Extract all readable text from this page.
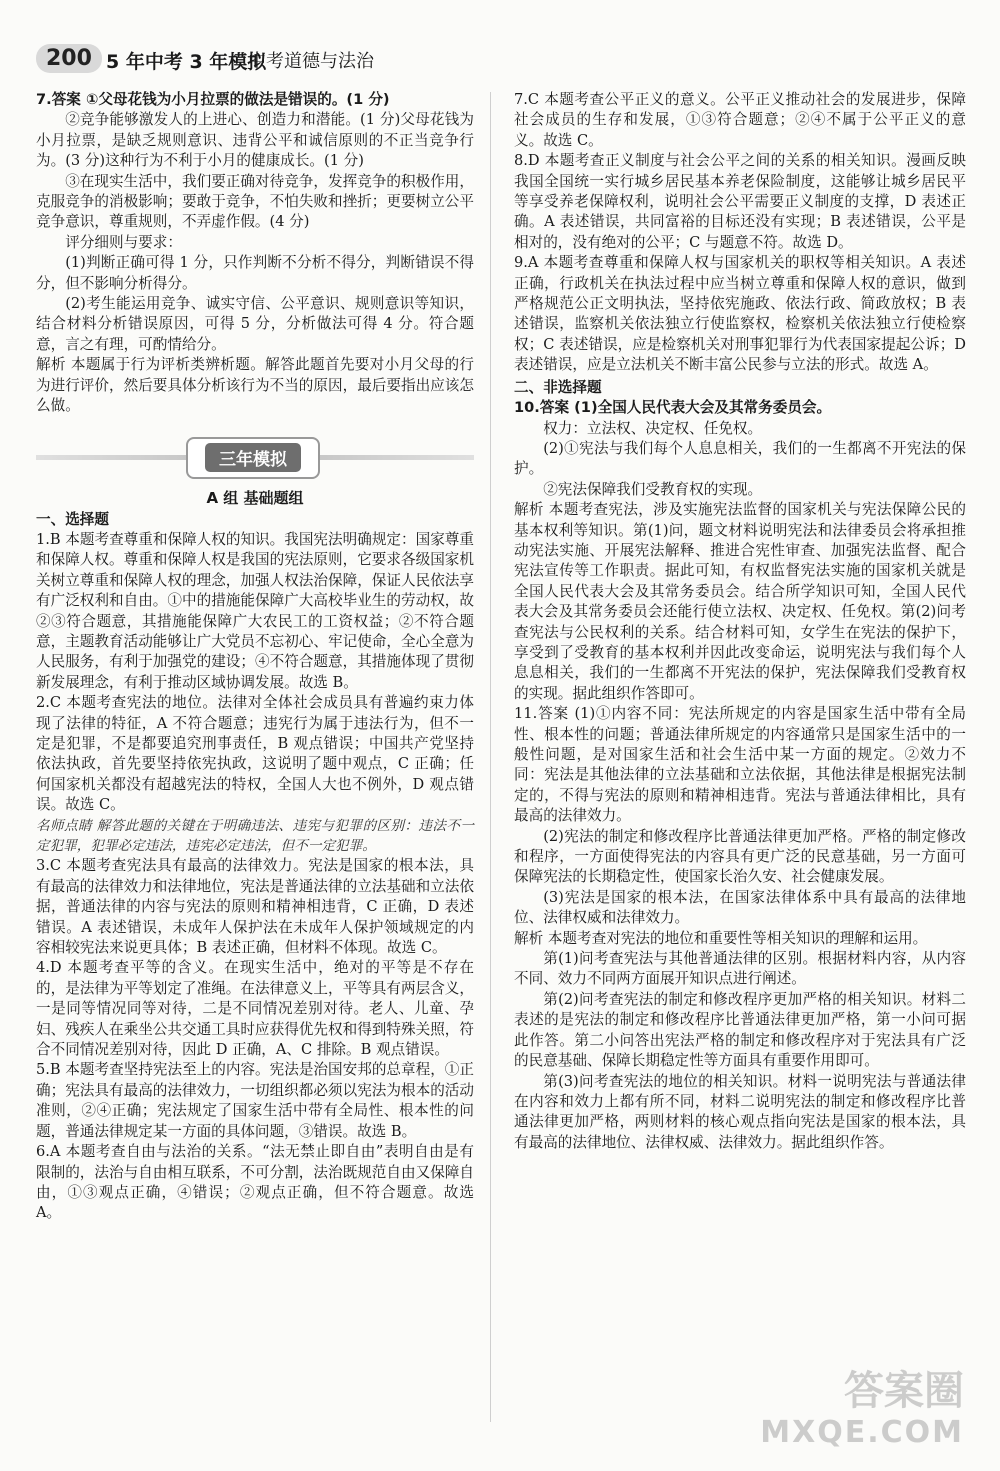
200 5 年中考 3 年模拟
中考道德与法治

7.答案 ①父母花钱为小月拉票的做法是错误的。(1 分)

②竞争能够激发人的上进心、创造力和潜能。(1 分)父母花钱为小月拉票，是缺乏规则意识、违背公平和诚信原则的不正当竞争行为。(3 分)这种行为不利于小月的健康成长。(1 分)

③在现实生活中，我们要正确对待竞争，发挥竞争的积极作用，克服竞争的消极影响；要敢于竞争，不怕失败和挫折；更要树立公平竞争意识，尊重规则，不弄虚作假。(4 分)

评分细则与要求：

(1)判断正确可得 1 分，只作判断不分析不得分，判断错误不得分，但不影响分析得分。

(2)考生能运用竞争、诚实守信、公平意识、规则意识等知识，结合材料分析错误原因，可得 5 分，分析做法可得 4 分。符合题意，言之有理，可酌情给分。

解析 本题属于行为评析类辨析题。解答此题首先要对小月父母的行为进行评价，然后要具体分析该行为不当的原因，最后要指出应该怎么做。

三年模拟
A 组 基础题组

一、选择题

1.B 本题考查尊重和保障人权的知识。我国宪法明确规定：国家尊重和保障人权。尊重和保障人权是我国的宪法原则，它要求各级国家机关树立尊重和保障人权的理念，加强人权法治保障，保证人民依法享有广泛权利和自由。①中的措施能保障广大高校毕业生的劳动权，故②③符合题意，其措施能保障广大农民工的工资权益；②不符合题意，主题教育活动能够让广大党员不忘初心、牢记使命，全心全意为人民服务，有利于加强党的建设；④不符合题意，其措施体现了贯彻新发展理念，有利于推动区域协调发展。故选 B。

2.C 本题考查宪法的地位。法律对全体社会成员具有普遍约束力体现了法律的特征，A 不符合题意；违宪行为属于违法行为，但不一定是犯罪，不是都要追究刑事责任，B 观点错误；中国共产党坚持依法执政，首先要坚持依宪执政，这说明了题中观点，C 正确；任何国家机关都没有超越宪法的特权，全国人大也不例外，D 观点错误。故选 C。

名师点睛 解答此题的关键在于明确违法、违宪与犯罪的区别：违法不一定犯罪，犯罪必定违法，违宪必定违法，但不一定犯罪。

3.C 本题考查宪法具有最高的法律效力。宪法是国家的根本法，具有最高的法律效力和法律地位，宪法是普通法律的立法基础和立法依据，普通法律的内容与宪法的原则和精神相违背，C 正确，D 表述错误。A 表述错误，未成年人保护法在未成年人保护领域规定的内容相较宪法来说更具体；B 表述正确，但材料不体现。故选 C。

4.D 本题考查平等的含义。在现实生活中，绝对的平等是不存在的，是法律为平等划定了准绳。在法律意义上，平等具有两层含义，一是同等情况同等对待，二是不同情况差别对待。老人、儿童、孕妇、残疾人在乘坐公共交通工具时应获得优先权和得到特殊关照，符合不同情况差别对待，因此 D 正确，A、C 排除。B 观点错误。

5.B 本题考查坚持宪法至上的内容。宪法是治国安邦的总章程，①正确；宪法具有最高的法律效力，一切组织都必须以宪法为根本的活动准则，②④正确；宪法规定了国家生活中带有全局性、根本性的问题，普通法律规定某一方面的具体问题，③错误。故选 B。

6.A 本题考查自由与法治的关系。“法无禁止即自由”表明自由是有限制的，法治与自由相互联系，不可分割，法治既规范自由又保障自由，①③观点正确，④错误；②观点正确，但不符合题意。故选 A。

7.C 本题考查公平正义的意义。公平正义推动社会的发展进步，保障社会成员的生存和发展，①③符合题意；②④不属于公平正义的意义。故选 C。

8.D 本题考查正义制度与社会公平之间的关系的相关知识。漫画反映我国全国统一实行城乡居民基本养老保险制度，这能够让城乡居民平等享受养老保障权利，说明社会公平需要正义制度的支撑，D 表述正确。A 表述错误，共同富裕的目标还没有实现；B 表述错误，公平是相对的，没有绝对的公平；C 与题意不符。故选 D。

9.A 本题考查尊重和保障人权与国家机关的职权等相关知识。A 表述正确，行政机关在执法过程中应当树立尊重和保障人权的意识，做到严格规范公正文明执法，坚持依宪施政、依法行政、简政放权；B 表述错误，监察机关依法独立行使监察权，检察机关依法独立行使检察权；C 表述错误，应是检察机关对刑事犯罪行为代表国家提起公诉；D 表述错误，应是立法机关不断丰富公民参与立法的形式。故选 A。

二、非选择题

10.答案 (1)全国人民代表大会及其常务委员会。

权力：立法权、决定权、任免权。

(2)①宪法与我们每个人息息相关，我们的一生都离不开宪法的保护。

②宪法保障我们受教育权的实现。

解析 本题考查宪法，涉及实施宪法监督的国家机关与宪法保障公民的基本权利等知识。第(1)问，题文材料说明宪法和法律委员会将承担推动宪法实施、开展宪法解释、推进合宪性审查、加强宪法监督、配合宪法宣传等工作职责。据此可知，有权监督宪法实施的国家机关就是全国人民代表大会及其常务委员会。结合所学知识可知，全国人民代表大会及其常务委员会还能行使立法权、决定权、任免权。第(2)问考查宪法与公民权利的关系。结合材料可知，女学生在宪法的保护下，享受到了受教育的基本权利并因此改变命运，说明宪法与我们每个人息息相关，我们的一生都离不开宪法的保护，宪法保障我们受教育权的实现。据此组织作答即可。

11.答案 (1)①内容不同：宪法所规定的内容是国家生活中带有全局性、根本性的问题；普通法律所规定的内容通常只是国家生活中的一般性问题，是对国家生活和社会生活中某一方面的规定。②效力不同：宪法是其他法律的立法基础和立法依据，其他法律是根据宪法制定的，不得与宪法的原则和精神相违背。宪法与普通法律相比，具有最高的法律效力。

(2)宪法的制定和修改程序比普通法律更加严格。严格的制定修改和程序，一方面使得宪法的内容具有更广泛的民意基础，另一方面可保障宪法的长期稳定性，使国家长治久安、社会健康发展。

(3)宪法是国家的根本法，在国家法律体系中具有最高的法律地位、法律权威和法律效力。

解析 本题考查对宪法的地位和重要性等相关知识的理解和运用。

第(1)问考查宪法与其他普通法律的区别。根据材料内容，从内容不同、效力不同两方面展开知识点进行阐述。

第(2)问考查宪法的制定和修改程序更加严格的相关知识。材料二表述的是宪法的制定和修改程序比普通法律更加严格，第一小问可据此作答。第二小问答出宪法严格的制定和修改程序对于宪法具有广泛的民意基础、保障长期稳定性等方面具有重要作用即可。

第(3)问考查宪法的地位的相关知识。材料一说明宪法与普通法律在内容和效力上都有所不同，材料二说明宪法的制定和修改程序比普通法律更加严格，两则材料的核心观点指向宪法是国家的根本法，具有最高的法律地位、法律权威、法律效力。据此组织作答。

答案圈
MXQE.COM
